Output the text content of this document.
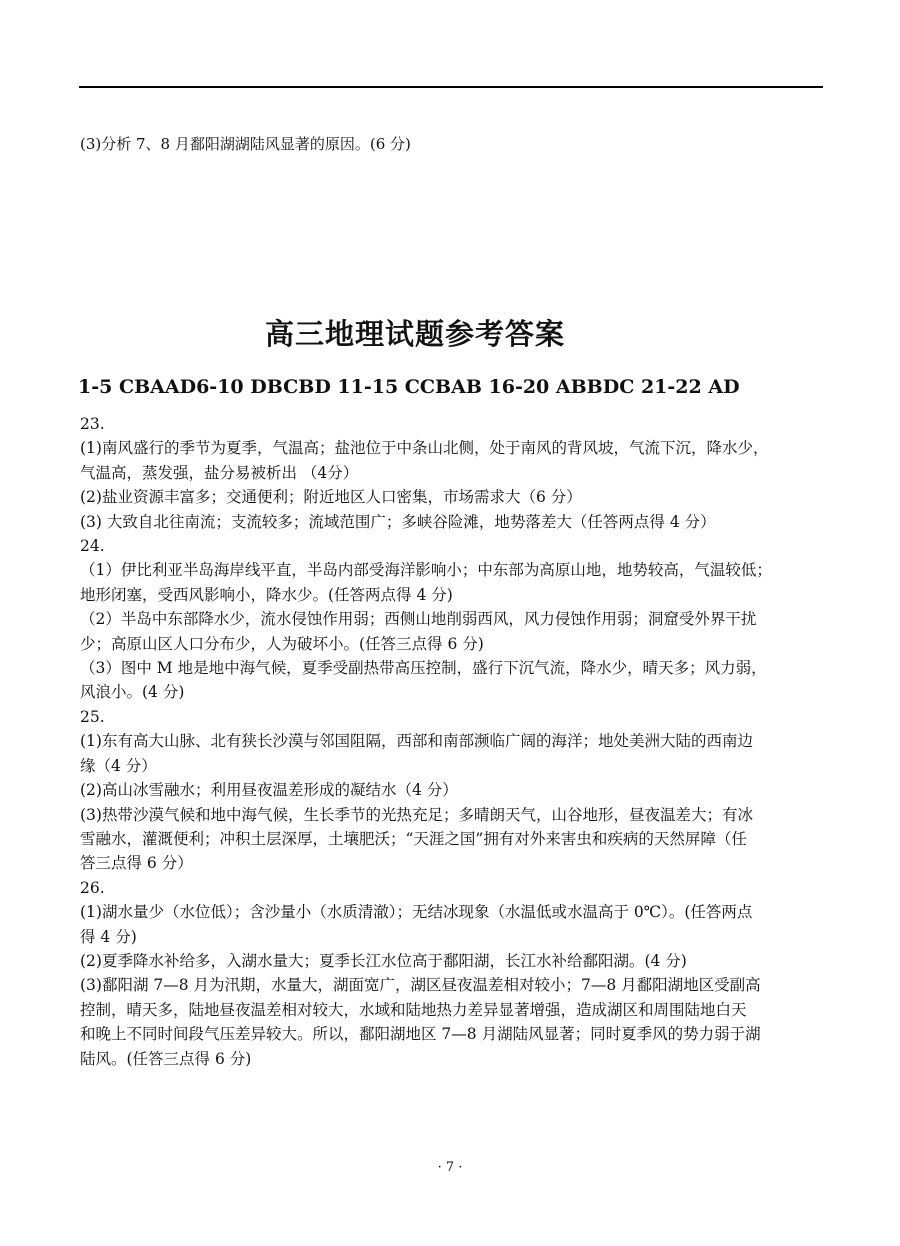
(3)分析 7、8 月鄱阳湖湖陆风显著的原因。(6 分)
高三地理试题参考答案
1-5 CBAAD6-10 DBCBD 11-15 CCBAB 16-20 ABBDC 21-22 AD
23.
(1)南风盛行的季节为夏季，气温高；盐池位于中条山北侧，处于南风的背风坡，气流下沉，降水少，
气温高，蒸发强，盐分易被析出 （4分）
(2)盐业资源丰富多；交通便利；附近地区人口密集，市场需求大（6 分）
(3) 大致自北往南流；支流较多；流域范围广；多峡谷险滩，地势落差大（任答两点得 4 分）
24.
（1）伊比利亚半岛海岸线平直，半岛内部受海洋影响小；中东部为高原山地，地势较高，气温较低；
地形闭塞，受西风影响小，降水少。(任答两点得 4 分)
（2）半岛中东部降水少，流水侵蚀作用弱；西侧山地削弱西风，风力侵蚀作用弱；洞窟受外界干扰
少；高原山区人口分布少，人为破坏小。(任答三点得 6 分)
（3）图中 M 地是地中海气候，夏季受副热带高压控制，盛行下沉气流，降水少，晴天多；风力弱，
风浪小。(4 分)
25.
(1)东有高大山脉、北有狭长沙漠与邻国阻隔，西部和南部濒临广阔的海洋；地处美洲大陆的西南边
缘（4 分）
(2)高山冰雪融水；利用昼夜温差形成的凝结水（4 分）
(3)热带沙漠气候和地中海气候，生长季节的光热充足；多晴朗天气，山谷地形，昼夜温差大；有冰
雪融水，灌溉便利；冲积土层深厚，土壤肥沃；“天涯之国”拥有对外来害虫和疾病的天然屏障（任
答三点得 6 分）
26.
(1)湖水量少（水位低）；含沙量小（水质清澈）；无结冰现象（水温低或水温高于 0℃）。(任答两点
得 4 分)
(2)夏季降水补给多，入湖水量大；夏季长江水位高于鄱阳湖，长江水补给鄱阳湖。(4 分)
(3)鄱阳湖 7—8 月为汛期，水量大，湖面宽广，湖区昼夜温差相对较小；7—8 月鄱阳湖地区受副高
控制，晴天多，陆地昼夜温差相对较大，水域和陆地热力差异显著增强，造成湖区和周围陆地白天
和晚上不同时间段气压差异较大。所以，鄱阳湖地区 7—8 月湖陆风显著；同时夏季风的势力弱于湖
陆风。(任答三点得 6 分)
· 7 ·
